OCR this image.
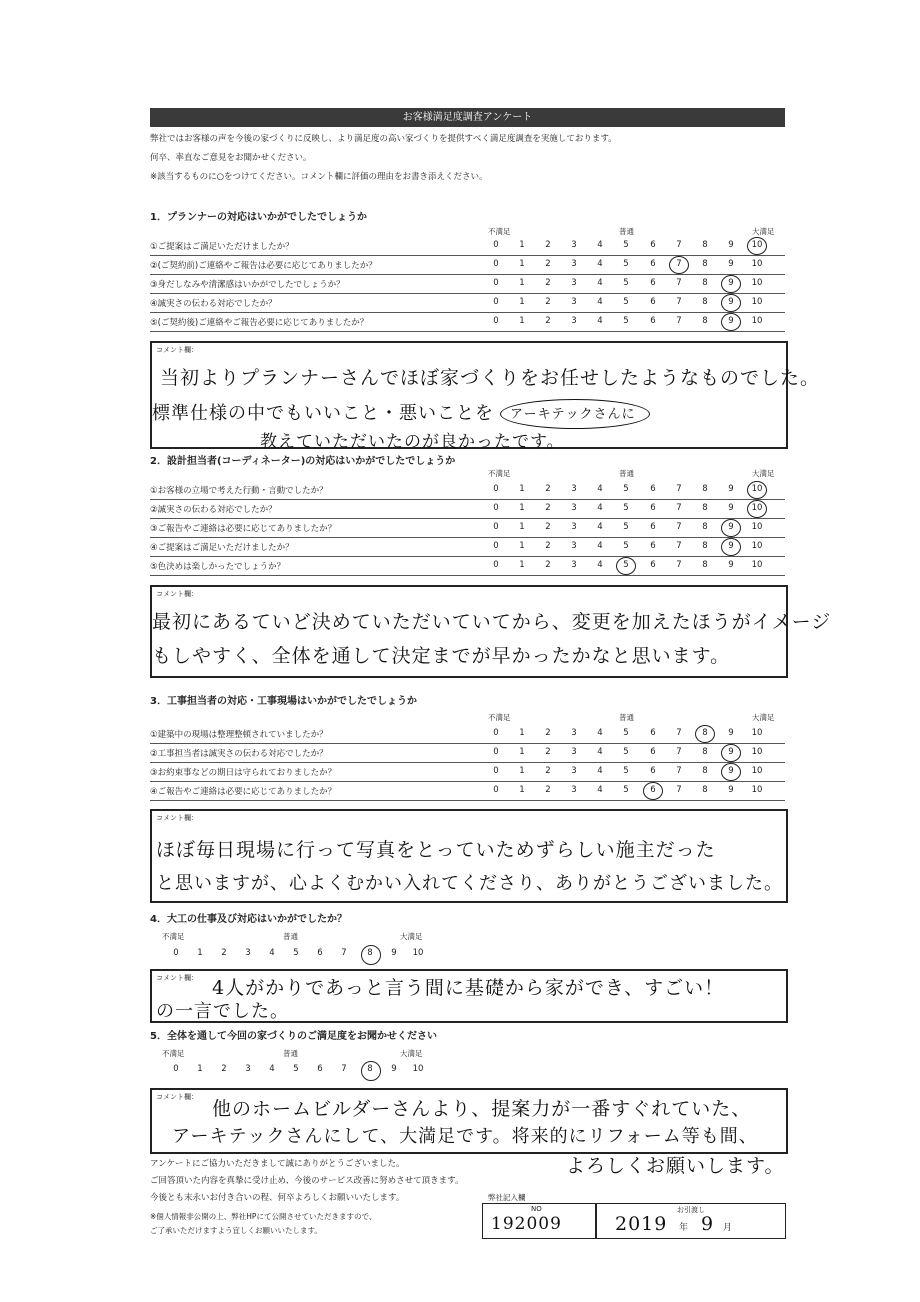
お客様満足度調査アンケート
弊社ではお客様の声を今後の家づくりに反映し、より満足度の高い家づくりを提供すべく満足度調査を実施しております。
何卒、率直なご意見をお聞かせください。
※該当するものに○をつけてください。コメント欄に評価の理由をお書き添えください。
1．プランナーの対応はいかがでしたでしょうか
不満足	普通	大満足
①ご提案はご満足いただけましたか？	0	1	2	3	4	5	6	7	8	9	10
②(ご契約前)ご連絡やご報告は必要に応じてありましたか？	0	1	2	3	4	5	6	7	8	9	10
③身だしなみや清潔感はいかがでしたでしょうか？	0	1	2	3	4	5	6	7	8	9	10
④誠実さの伝わる対応でしたか？	0	1	2	3	4	5	6	7	8	9	10
⑤(ご契約後)ご連絡やご報告必要に応じてありましたか？	0	1	2	3	4	5	6	7	8	9	10
コメント欄：
当初よりプランナーさんでほぼ家づくりをお任せしたようなものでした。
標準仕様の中でもいいこと・悪いことを アーキテックさんに
教えていただいたのが良かったです。
2．設計担当者(コーディネーター)の対応はいかがでしたでしょうか
不満足	普通	大満足
①お客様の立場で考えた行動・言動でしたか？	0	1	2	3	4	5	6	7	8	9	10
②誠実さの伝わる対応でしたか？	0	1	2	3	4	5	6	7	8	9	10
③ご報告やご連絡は必要に応じてありましたか？	0	1	2	3	4	5	6	7	8	9	10
④ご提案はご満足いただけましたか？	0	1	2	3	4	5	6	7	8	9	10
⑤色決めは楽しかったでしょうか？	0	1	2	3	4	5	6	7	8	9	10
コメント欄：
最初にあるていど決めていただいていてから、変更を加えたほうがイメージ
もしやすく、全体を通して決定までが早かったかなと思います。
3．工事担当者の対応・工事現場はいかがでしたでしょうか
不満足	普通	大満足
①建築中の現場は整理整頓されていましたか？	0	1	2	3	4	5	6	7	8	9	10
②工事担当者は誠実さの伝わる対応でしたか？	0	1	2	3	4	5	6	7	8	9	10
③お約束事などの期日は守られておりましたか？	0	1	2	3	4	5	6	7	8	9	10
④ご報告やご連絡は必要に応じてありましたか？	0	1	2	3	4	5	6	7	8	9	10
コメント欄：
ほぼ毎日現場に行って写真をとっていためずらしい施主だった
と思いますが、心よくむかい入れてくださり、ありがとうございました。
4．大工の仕事及び対応はいかがでしたか？
不満足	普通	大満足
0	1	2	3	4	5	6	7	8	9	10
コメント欄： 4人がかりであっと言う間に基礎から家ができ、すごい！
の一言でした。
5．全体を通して今回の家づくりのご満足度をお聞かせください
不満足	普通	大満足
0	1	2	3	4	5	6	7	8	9	10
コメント欄：
他のホームビルダーさんより、提案力が一番すぐれていた、
アーキテックさんにして、大満足です。将来的にリフォーム等も間、
よろしくお願いします。
アンケートにご協力いただきまして誠にありがとうございました。
ご回答頂いた内容を真摯に受け止め、今後のサービス改善に努めさせて頂きます。
今後とも末永いお付き合いの程、何卒よろしくお願いいたします。
※個人情報非公開の上、弊社HPにて公開させていただきますので、
ご了承いただけますよう宜しくお願いいたします。
弊社記入欄
NO
192009
お引渡し
2019 年 9 月
